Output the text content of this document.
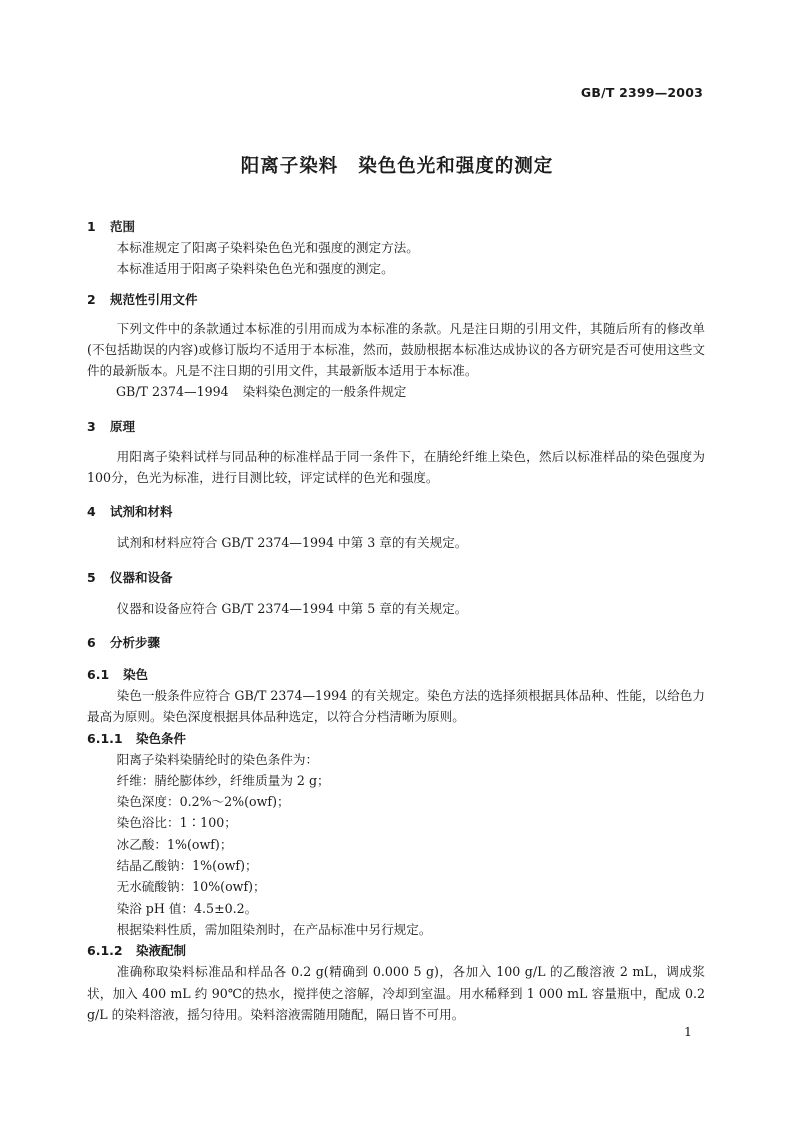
GB/T 2399—2003
阳离子染料 染色色光和强度的测定
1 范围

本标准规定了阳离子染料染色色光和强度的测定方法。

本标准适用于阳离子染料染色色光和强度的测定。

2 规范性引用文件

下列文件中的条款通过本标准的引用而成为本标准的条款。凡是注日期的引用文件，其随后所有的修改单(不包括勘误的内容)或修订版均不适用于本标准，然而，鼓励根据本标准达成协议的各方研究是否可使用这些文件的最新版本。凡是不注日期的引用文件，其最新版本适用于本标准。

GB/T 2374—1994 染料染色测定的一般条件规定
3 原理

用阳离子染料试样与同品种的标准样品于同一条件下，在腈纶纤维上染色，然后以标准样品的染色强度为100分，色光为标准，进行目测比较，评定试样的色光和强度。

4 试剂和材料

试剂和材料应符合 GB/T 2374—1994 中第 3 章的有关规定。

5 仪器和设备

仪器和设备应符合 GB/T 2374—1994 中第 5 章的有关规定。

6 分析步骤
6.1 染色

染色一般条件应符合 GB/T 2374—1994 的有关规定。染色方法的选择须根据具体品种、性能，以给色力最高为原则。染色深度根据具体品种选定，以符合分档清晰为原则。

6.1.1 染色条件

阳离子染料染腈纶时的染色条件为：

纤维：腈纶膨体纱，纤维质量为 2 g；

染色深度：0.2%～2%(owf)；

染色浴比：1∶100；

冰乙酸：1%(owf)；

结晶乙酸钠：1%(owf)；

无水硫酸钠：10%(owf)；

染浴 pH 值：4.5±0.2。

根据染料性质，需加阻染剂时，在产品标准中另行规定。

6.1.2 染液配制

准确称取染料标准品和样品各 0.2 g(精确到 0.000 5 g)，各加入 100 g/L 的乙酸溶液 2 mL，调成浆状，加入 400 mL 约 90℃的热水，搅拌使之溶解，冷却到室温。用水稀释到 1 000 mL 容量瓶中，配成 0.2 g/L 的染料溶液，摇匀待用。染料溶液需随用随配，隔日皆不可用。

1
